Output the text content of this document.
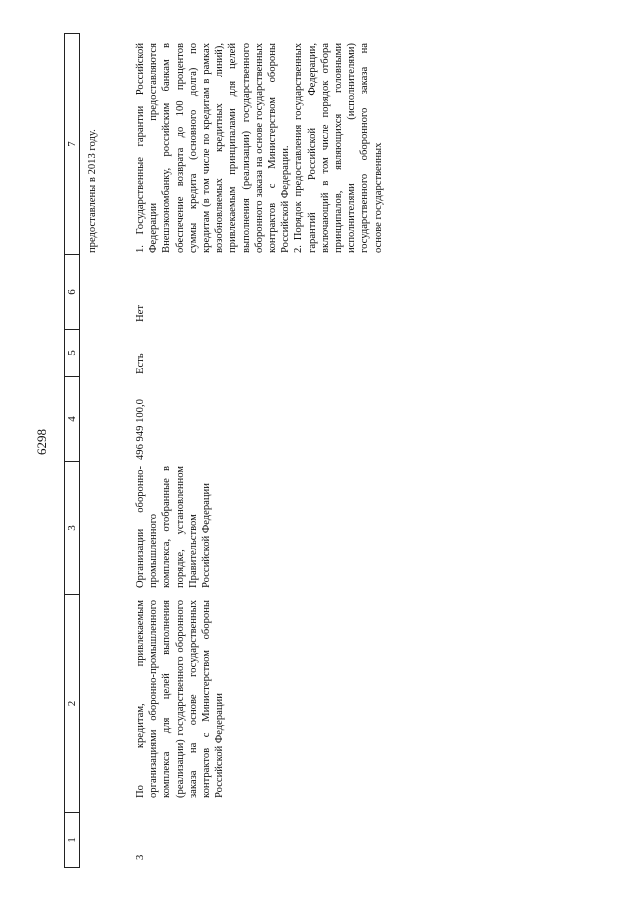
6298
1
2
3
4
5
6
7 предоставлены в 2013 году.
3
По кредитам, привлекаемым организациями оборонно-промышленного комплекса для целей выполнения (реализации) государственного оборонного заказа на основе государственных контрактов с Министерством обороны Российской Федерации
Организации оборонно-промышленного комплекса, отобранные в порядке, установленном Правительством Российской Федерации
496 949 100,0
Есть
Нет
1. Государственные гарантии Российской Федерации предоставляются Внешэкономбанку, российским банкам в обеспечение возврата до 100 процентов суммы кредита (основного долга) по кредитам (в том числе по кредитам в рамках возобновляемых кредитных линий), привлекаемым принципалами для целей выполнения (реализации) государственного оборонного заказа на основе государственных контрактов с Министерством обороны Российской Федерации. 2. Порядок предоставления государственных гарантий Российской Федерации, включающий в том числе порядок отбора принципалов, являющихся головными исполнителями (исполнителями) государственного оборонного заказа на основе государственных
